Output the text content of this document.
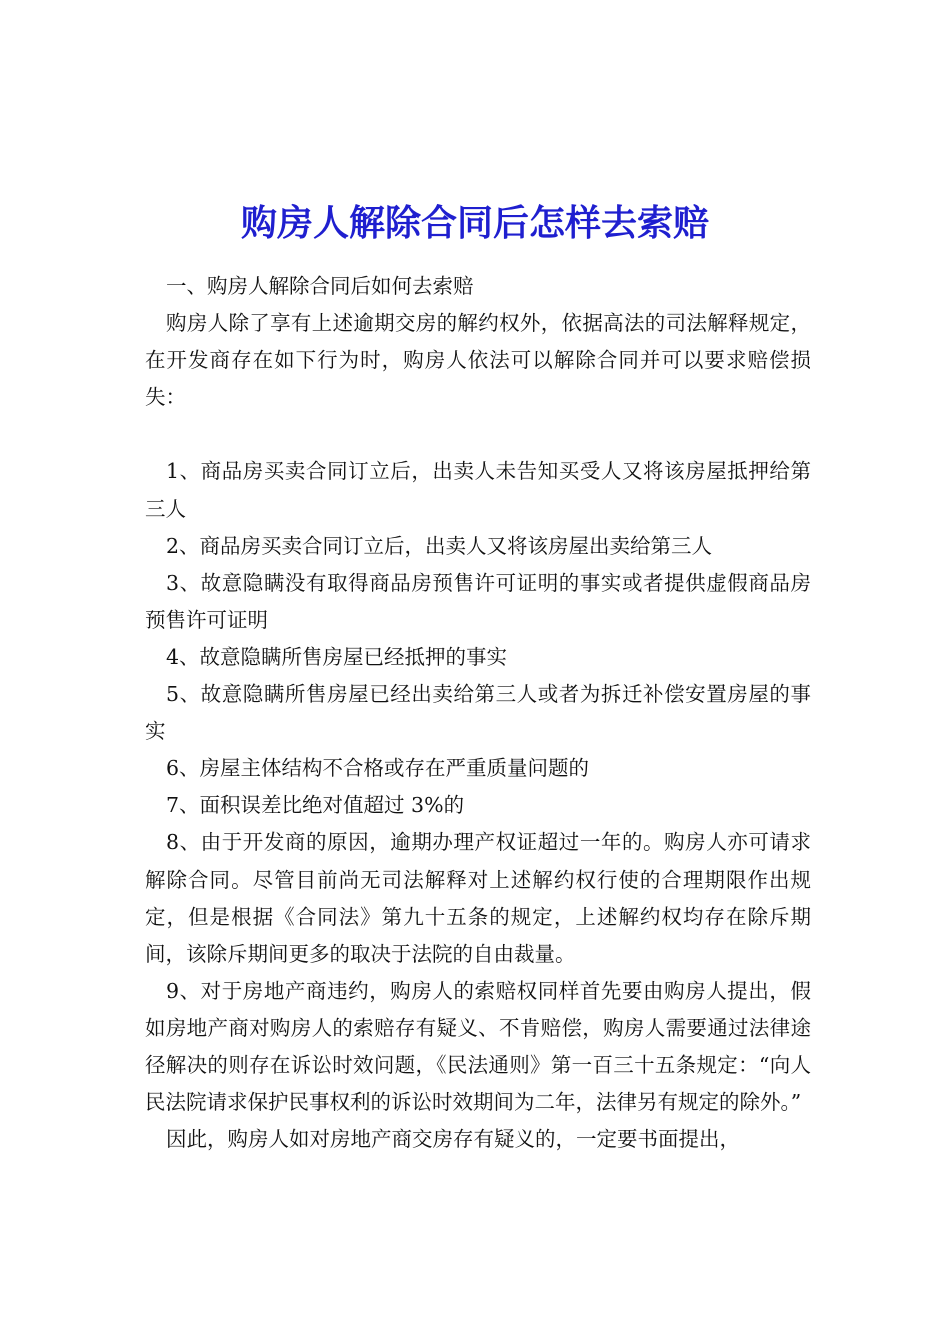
购房人解除合同后怎样去索赔

一、购房人解除合同后如何去索赔

购房人除了享有上述逾期交房的解约权外，依据高法的司法解释规定，在开发商存在如下行为时，购房人依法可以解除合同并可以要求赔偿损失：

1、商品房买卖合同订立后，出卖人未告知买受人又将该房屋抵押给第三人

2、商品房买卖合同订立后，出卖人又将该房屋出卖给第三人

3、故意隐瞒没有取得商品房预售许可证明的事实或者提供虚假商品房预售许可证明

4、故意隐瞒所售房屋已经抵押的事实

5、故意隐瞒所售房屋已经出卖给第三人或者为拆迁补偿安置房屋的事实

6、房屋主体结构不合格或存在严重质量问题的

7、面积误差比绝对值超过 3%的

8、由于开发商的原因，逾期办理产权证超过一年的。购房人亦可请求解除合同。尽管目前尚无司法解释对上述解约权行使的合理期限作出规定，但是根据《合同法》第九十五条的规定，上述解约权均存在除斥期间，该除斥期间更多的取决于法院的自由裁量。

9、对于房地产商违约，购房人的索赔权同样首先要由购房人提出，假如房地产商对购房人的索赔存有疑义、不肯赔偿，购房人需要通过法律途径解决的则存在诉讼时效问题，《民法通则》第一百三十五条规定：“向人民法院请求保护民事权利的诉讼时效期间为二年，法律另有规定的除外。”

因此，购房人如对房地产商交房存有疑义的，一定要书面提出，
